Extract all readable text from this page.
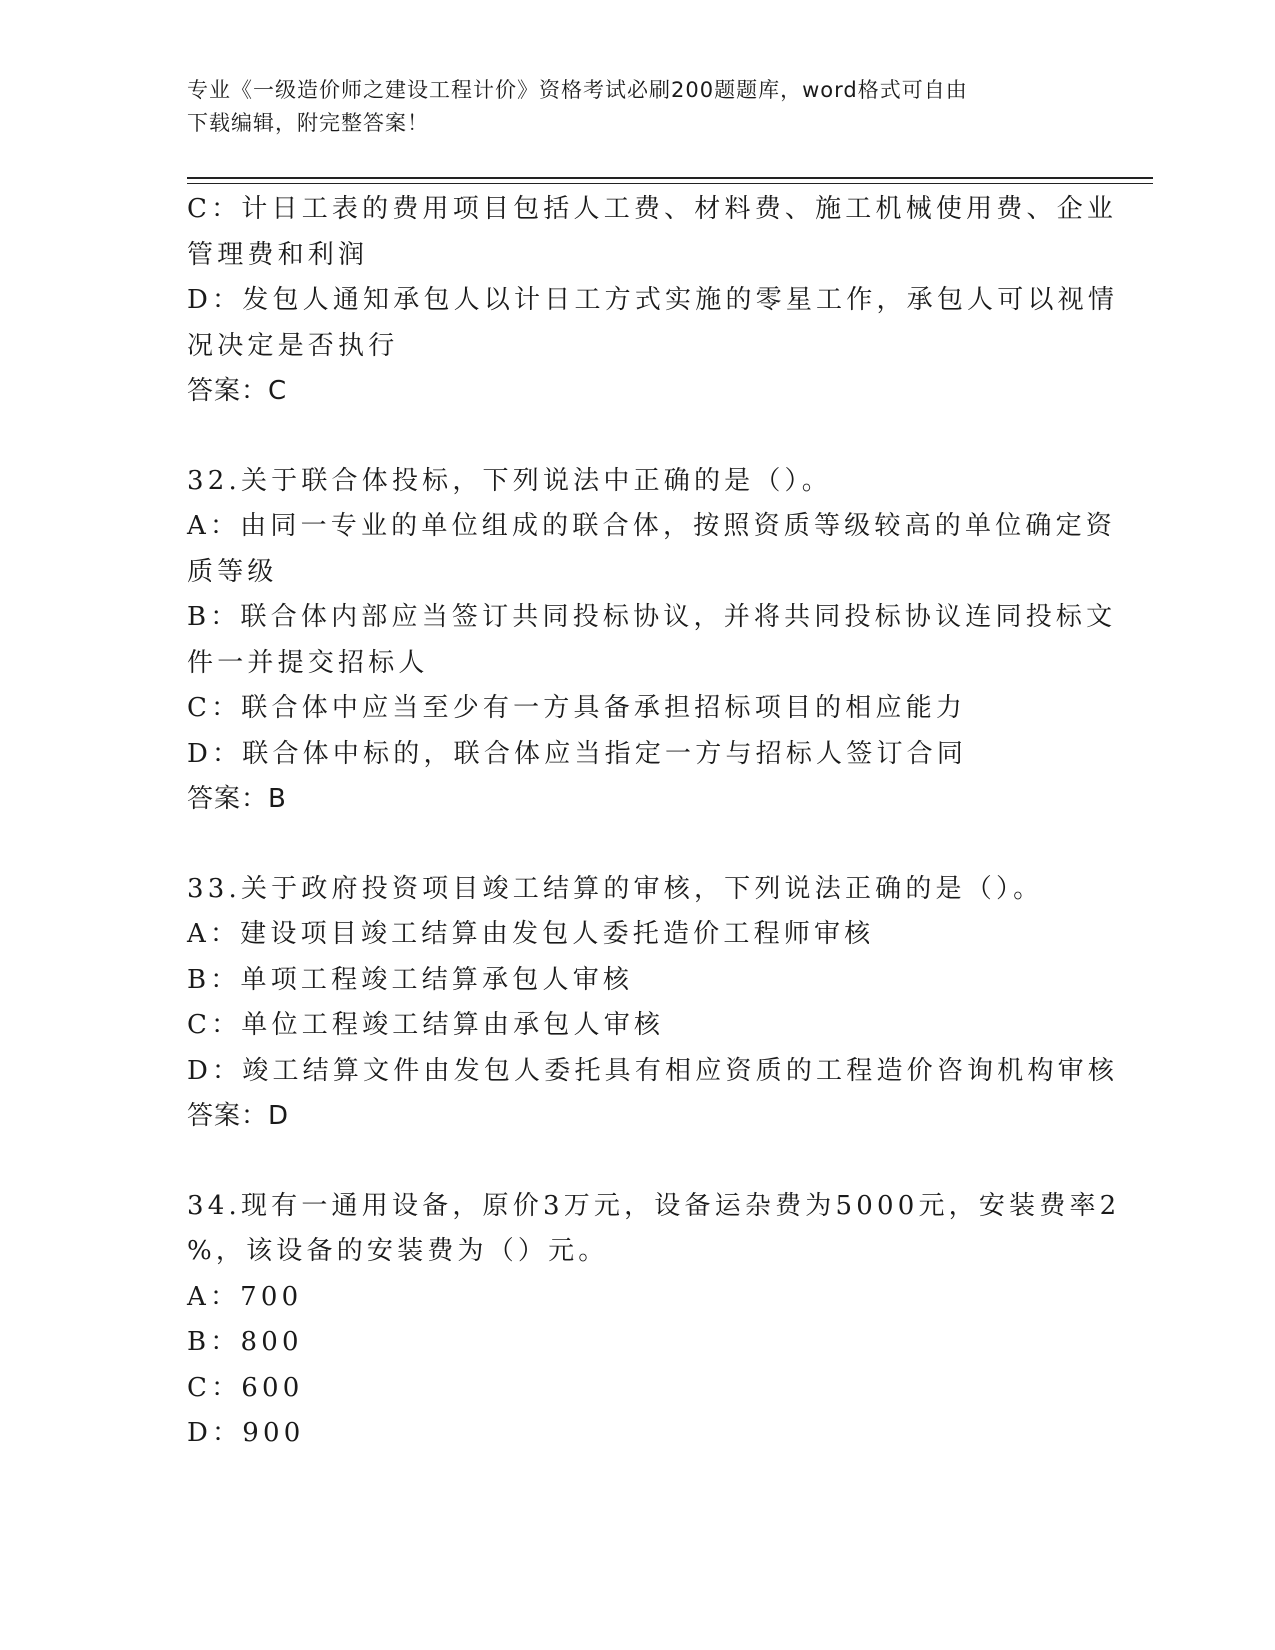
专业《一级造价师之建设工程计价》资格考试必刷200题题库，word格式可自由
下载编辑，附完整答案！
C：计日工表的费用项目包括人工费、材料费、施工机械使用费、企业
管理费和利润
D：发包人通知承包人以计日工方式实施的零星工作，承包人可以视情
况决定是否执行
答案：C
32.关于联合体投标，下列说法中正确的是（）。
A：由同一专业的单位组成的联合体，按照资质等级较高的单位确定资
质等级
B：联合体内部应当签订共同投标协议，并将共同投标协议连同投标文
件一并提交招标人
C：联合体中应当至少有一方具备承担招标项目的相应能力
D：联合体中标的，联合体应当指定一方与招标人签订合同
答案：B
33.关于政府投资项目竣工结算的审核，下列说法正确的是（）。
A：建设项目竣工结算由发包人委托造价工程师审核
B：单项工程竣工结算承包人审核
C：单位工程竣工结算由承包人审核
D：竣工结算文件由发包人委托具有相应资质的工程造价咨询机构审核
答案：D
34.现有一通用设备，原价3万元，设备运杂费为5000元，安装费率2
%，该设备的安装费为（）元。
A：700
B：800
C：600
D：900
